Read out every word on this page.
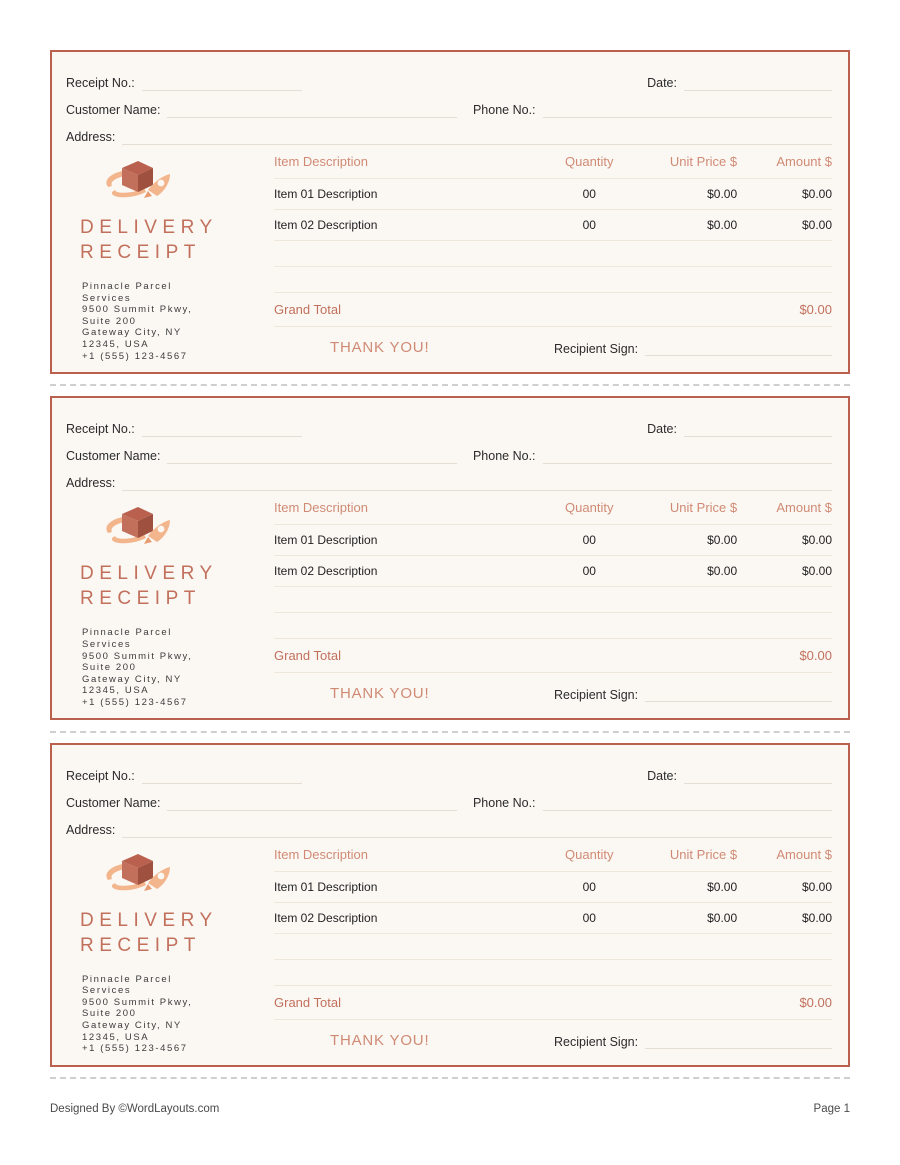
Receipt No.:	Date:
Customer Name:	Phone No.:
Address:
DELIVERY
RECEIPT
Pinnacle Parcel
Services
9500 Summit Pkwy,
Suite 200
Gateway City, NY
12345, USA
+1 (555) 123-4567
Item Description	Quantity	Unit Price $	Amount $
Item 01 Description	00	$0.00	$0.00
Item 02 Description	00	$0.00	$0.00

Grand Total			$0.00
THANK YOU!	Recipient Sign:
Receipt No.:	Date:
Customer Name:	Phone No.:
Address:
DELIVERY
RECEIPT
Pinnacle Parcel
Services
9500 Summit Pkwy,
Suite 200
Gateway City, NY
12345, USA
+1 (555) 123-4567
Item Description	Quantity	Unit Price $	Amount $
Item 01 Description	00	$0.00	$0.00
Item 02 Description	00	$0.00	$0.00

Grand Total			$0.00
THANK YOU!	Recipient Sign:
Receipt No.:	Date:
Customer Name:	Phone No.:
Address:
DELIVERY
RECEIPT
Pinnacle Parcel
Services
9500 Summit Pkwy,
Suite 200
Gateway City, NY
12345, USA
+1 (555) 123-4567
Item Description	Quantity	Unit Price $	Amount $
Item 01 Description	00	$0.00	$0.00
Item 02 Description	00	$0.00	$0.00

Grand Total			$0.00
THANK YOU!	Recipient Sign:
Designed By ©WordLayouts.com	Page 1
